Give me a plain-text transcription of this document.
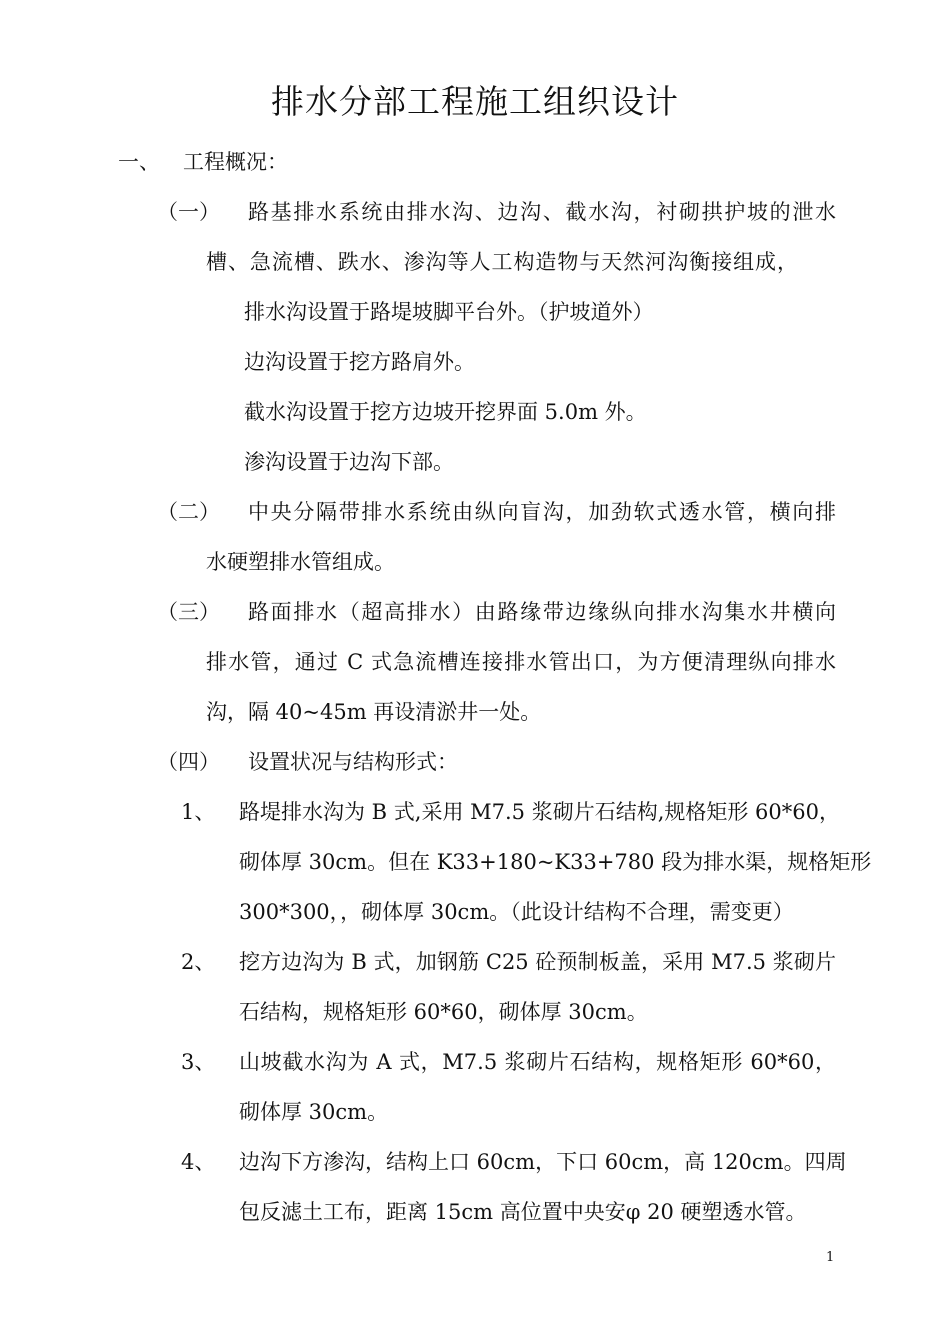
排水分部工程施工组织设计
一、 工程概况：
（一） 路基排水系统由排水沟、边沟、截水沟，衬砌拱护坡的泄水
槽、急流槽、跌水、渗沟等人工构造物与天然河沟衡接组成，
排水沟设置于路堤坡脚平台外。（护坡道外）
边沟设置于挖方路肩外。
截水沟设置于挖方边坡开挖界面 5.0m 外。
渗沟设置于边沟下部。
（二） 中央分隔带排水系统由纵向盲沟，加劲软式透水管，横向排
水硬塑排水管组成。
（三） 路面排水（超高排水）由路缘带边缘纵向排水沟集水井横向
排水管，通过 C 式急流槽连接排水管出口，为方便清理纵向排水
沟，隔 40~45m 再设清淤井一处。
（四） 设置状况与结构形式：
1、 路堤排水沟为 B 式,采用 M7.5 浆砌片石结构,规格矩形 60*60，
砌体厚 30cm。但在 K33+180~K33+780 段为排水渠，规格矩形
300*300，，砌体厚 30cm。（此设计结构不合理，需变更）
2、 挖方边沟为 B 式，加钢筋 C25 砼预制板盖，采用 M7.5 浆砌片
石结构，规格矩形 60*60，砌体厚 30cm。
3、 山坡截水沟为 A 式，M7.5 浆砌片石结构，规格矩形 60*60，
砌体厚 30cm。
4、 边沟下方渗沟，结构上口 60cm，下口 60cm，高 120cm。四周
包反滤土工布，距离 15cm 高位置中央安φ 20 硬塑透水管。
1
